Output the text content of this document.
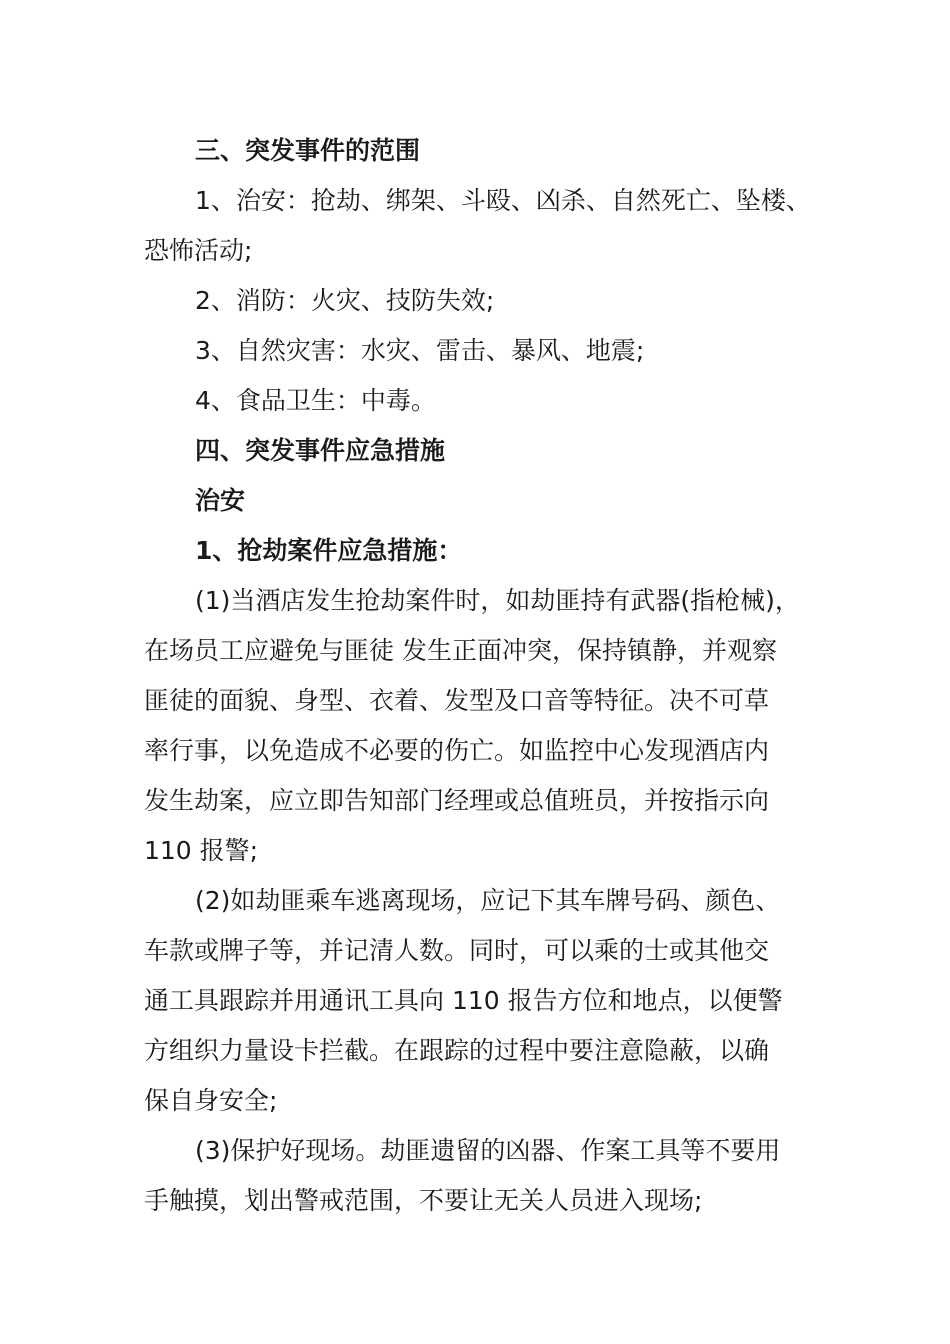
三、突发事件的范围
1、治安：抢劫、绑架、斗殴、凶杀、自然死亡、坠楼、
恐怖活动;
2、消防：火灾、技防失效;
3、自然灾害：水灾、雷击、暴风、地震;
4、食品卫生：中毒。
四、突发事件应急措施
治安
1、抢劫案件应急措施：
(1)当酒店发生抢劫案件时，如劫匪持有武器(指枪械)，
在场员工应避免与匪徒 发生正面冲突，保持镇静，并观察
匪徒的面貌、身型、衣着、发型及口音等特征。决不可草
率行事，以免造成不必要的伤亡。如监控中心发现酒店内
发生劫案，应立即告知部门经理或总值班员，并按指示向
110 报警;
(2)如劫匪乘车逃离现场，应记下其车牌号码、颜色、
车款或牌子等，并记清人数。同时，可以乘的士或其他交
通工具跟踪并用通讯工具向 110 报告方位和地点，以便警
方组织力量设卡拦截。在跟踪的过程中要注意隐蔽，以确
保自身安全;
(3)保护好现场。劫匪遗留的凶器、作案工具等不要用
手触摸，划出警戒范围，不要让无关人员进入现场;
